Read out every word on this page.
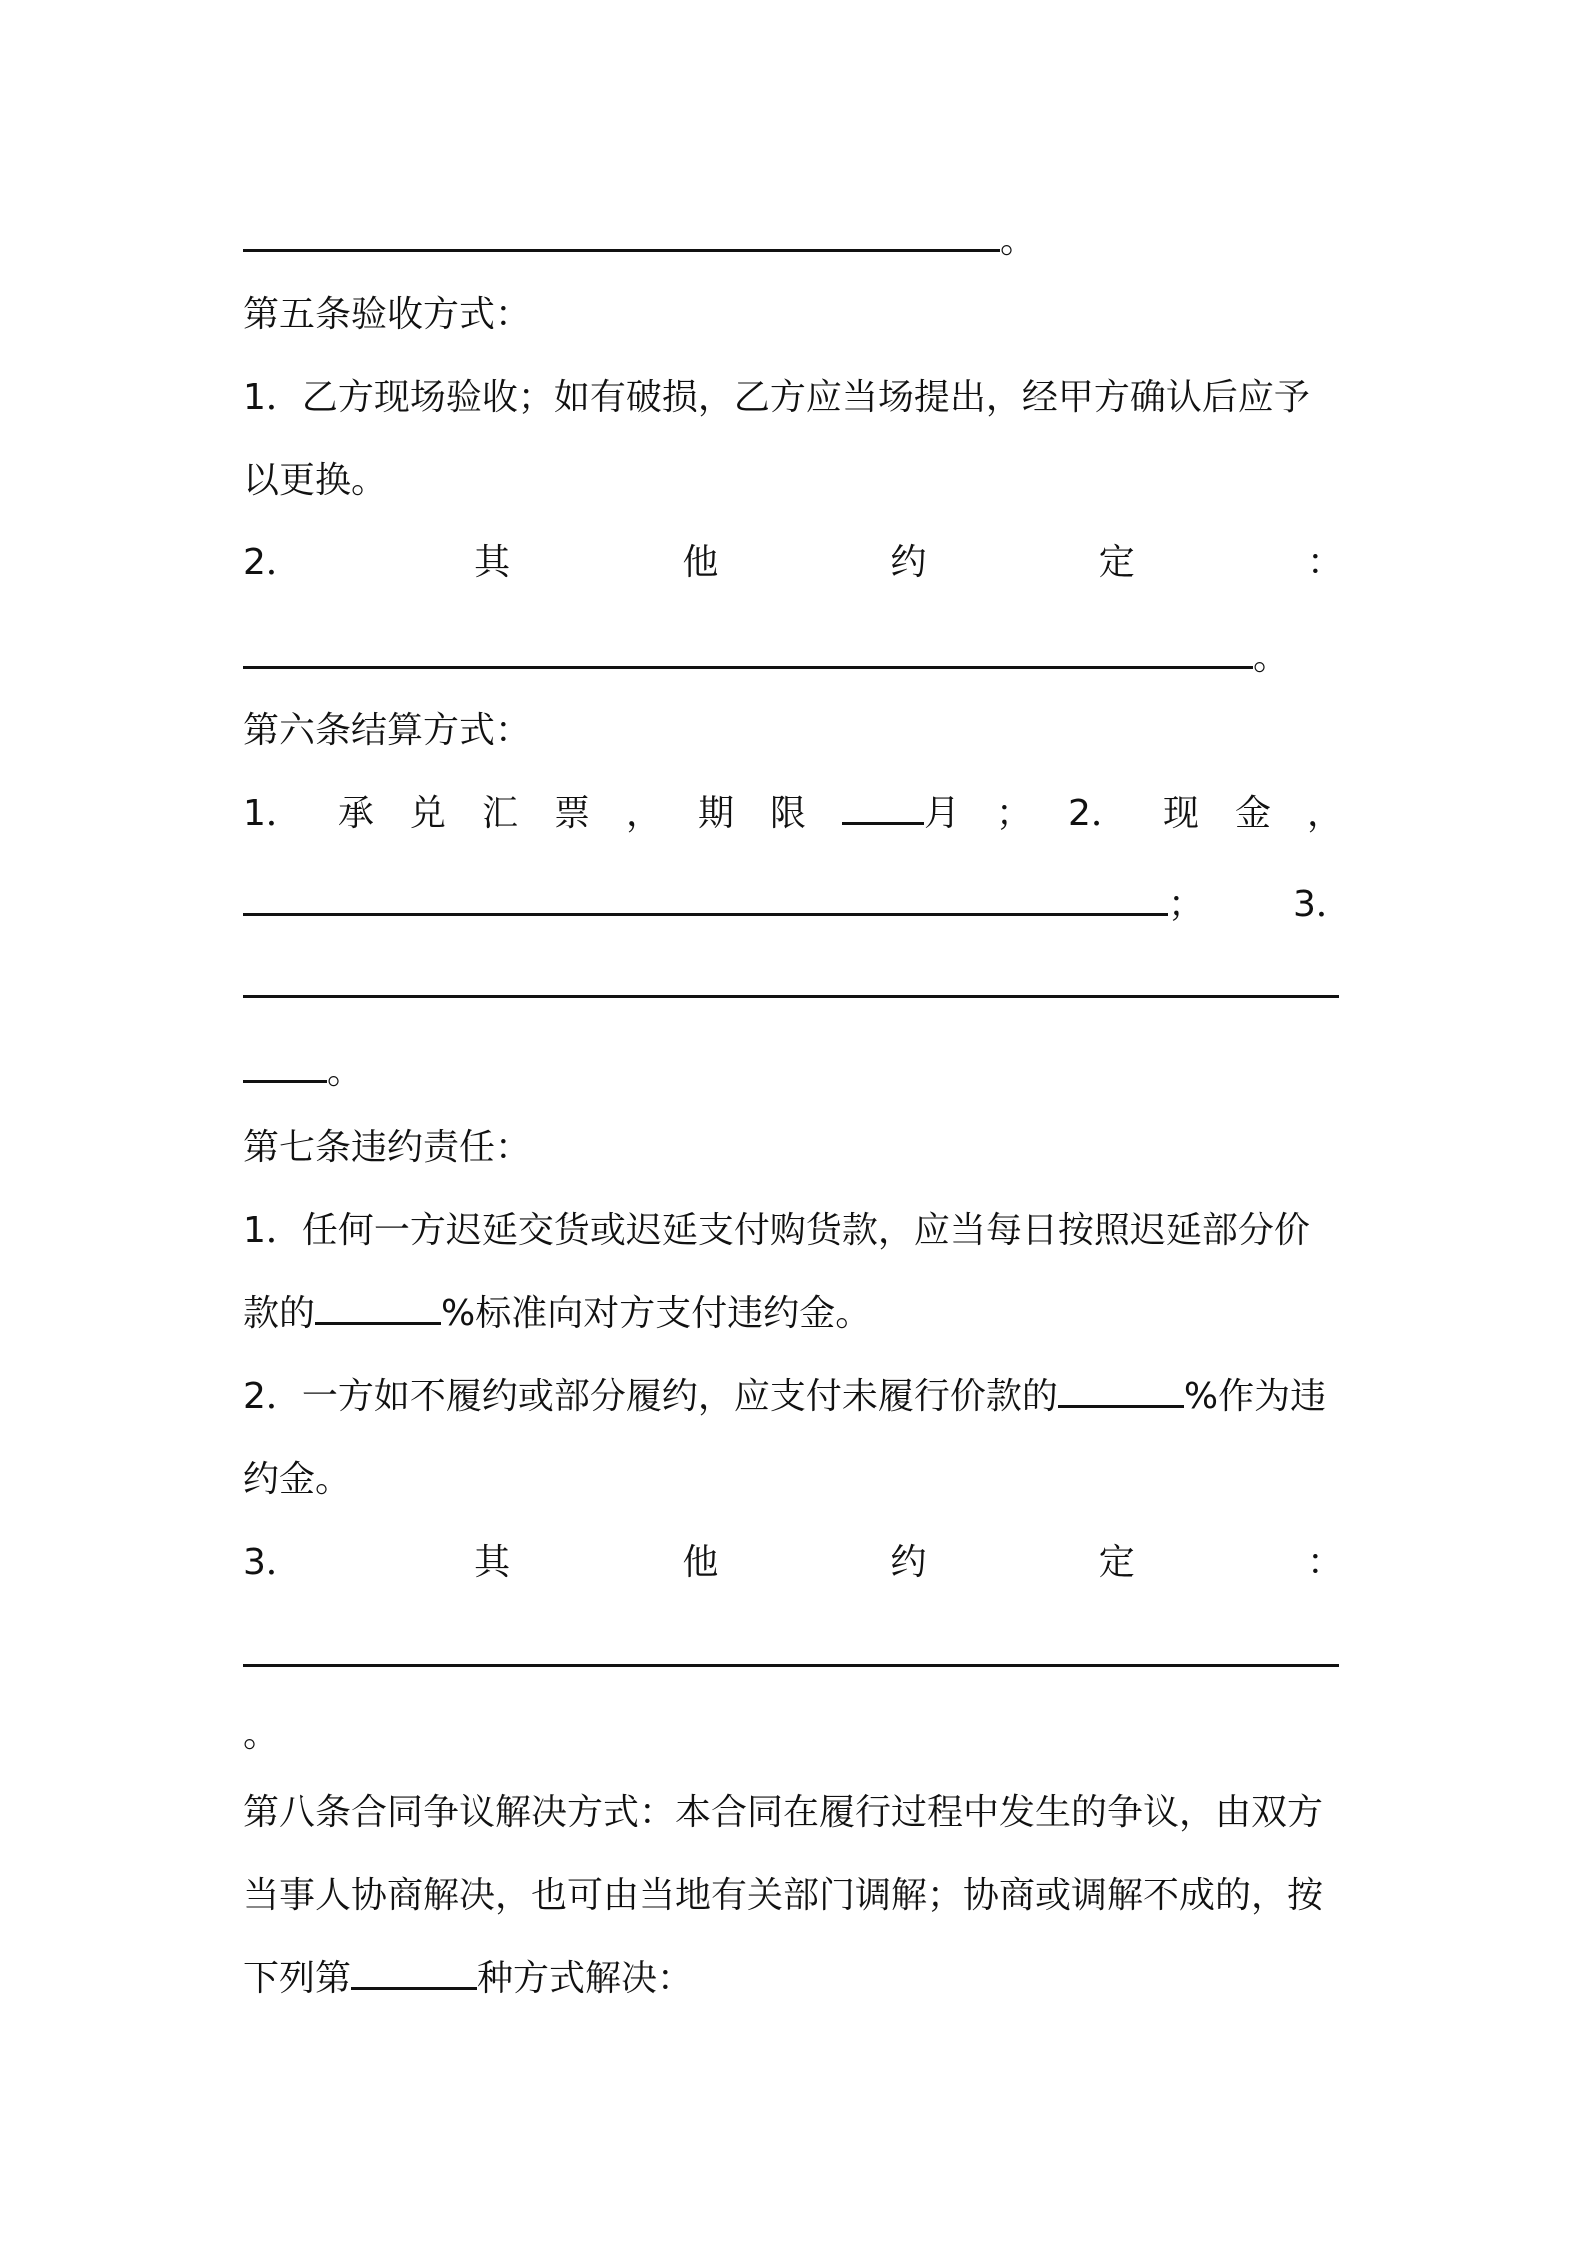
。
第五条验收方式：
1．乙方现场验收；如有破损，乙方应当场提出，经甲方确认后应予
以更换。
2．	其	他	约	定	：
。
第六条结算方式：
1． 承 兑 汇 票 ， 期 限	月 ； 2． 现 金 ，
； 3．
。
第七条违约责任：
1．任何一方迟延交货或迟延支付购货款，应当每日按照迟延部分价
款的	%标准向对方支付违约金。
2．一方如不履约或部分履约，应支付未履行价款的	%作为违
约金。
3．	其	他	约	定	：
。
第八条合同争议解决方式：本合同在履行过程中发生的争议，由双方
当事人协商解决，也可由当地有关部门调解；协商或调解不成的，按
下列第	种方式解决：
